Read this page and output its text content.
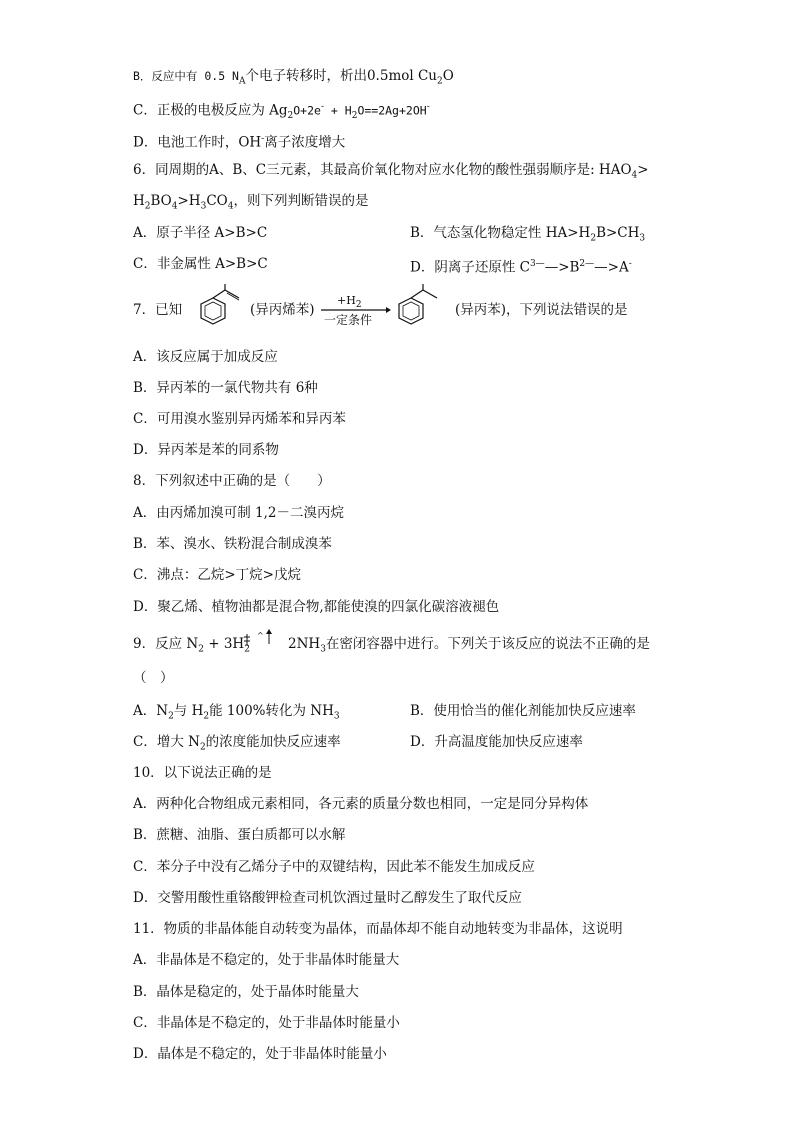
B．反应中有 0.5 $N_A$个电子转移时，析出0.5mol $Cu_2O$
C．正极的电极反应为 $Ag_2O+2e^- + H_2O==2Ag+2OH^-$
D．电池工作时，OH-离子浓度增大
6．同周期的A、B、C三元素，其最高价氧化物对应水化物的酸性强弱顺序是: $HAO_4>$
$H_2BO_4>H_3CO_4$，则下列判断错误的是
A．原子半径 A>B>C	B．气态氢化物稳定性 $HA>H_2B>CH_3$
C．非金属性 A>B>C	D．阴离子还原性 $C^{3—}—>B^{2—}—>A^-$
7．已知	(异丙烯苯)
$+H_2$
一定条件
(异丙苯)，下列说法错误的是
A．该反应属于加成反应
B．异丙苯的一氯代物共有 6种
C．可用溴水鉴别异丙烯苯和异丙苯
D．异丙苯是苯的同系物
8．下列叙述中正确的是（　　）
A．由丙烯加溴可制 1,2－二溴丙烷
B．苯、溴水、铁粉混合制成溴苯
C．沸点：乙烷>丁烷>戊烷
D．聚乙烯、植物油都是混合物,都能使溴的四氯化碳溶液褪色
9．反应 $N_2 + 3H_2$
^
$2NH_3$在密闭容器中进行。下列关于该反应的说法不正确的是
（　）
A．$N_2$与 $H_2$能 100%转化为 $NH_3$	B．使用恰当的催化剂能加快反应速率
C．增大 $N_2$的浓度能加快反应速率	D．升高温度能加快反应速率
10．以下说法正确的是
A．两种化合物组成元素相同，各元素的质量分数也相同，一定是同分异构体
B．蔗糖、油脂、蛋白质都可以水解
C．苯分子中没有乙烯分子中的双键结构，因此苯不能发生加成反应
D．交警用酸性重铬酸钾检查司机饮酒过量时乙醇发生了取代反应
11．物质的非晶体能自动转变为晶体，而晶体却不能自动地转变为非晶体，这说明
A．非晶体是不稳定的，处于非晶体时能量大
B．晶体是稳定的，处于晶体时能量大
C．非晶体是不稳定的，处于非晶体时能量小
D．晶体是不稳定的，处于非晶体时能量小
